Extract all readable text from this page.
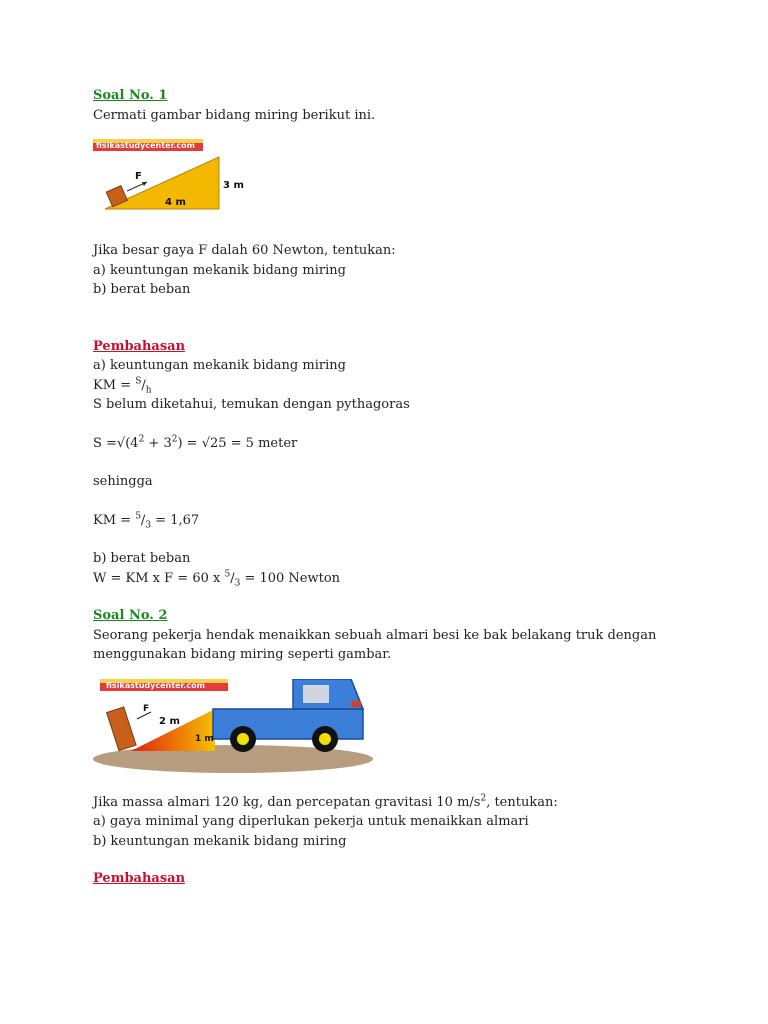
Soal No. 1

Cermati gambar bidang miring berikut ini.

fisikastudycenter.com
F
4 m
3 m

Jika besar gaya F dalah 60 Newton, tentukan:

a) keuntungan mekanik bidang miring

b) berat beban

Pembahasan

a) keuntungan mekanik bidang miring

KM = $^S/_h$

S belum diketahui, temukan dengan pythagoras

$S =√(4^2 + 3^2) = √25 = 5$ meter

sehingga

KM = $^5/_3 = 1,67$

b) berat beban

W = KM x F = 60 x $^5/_3 = 100$ Newton

Soal No. 2

Seorang pekerja hendak menaikkan sebuah almari besi ke bak belakang truk dengan

menggunakan bidang miring seperti gambar.

fisikastudycenter.com
F
2 m
1 m

Jika massa almari 120 kg, dan percepatan gravitasi 10 $m/s^2$, tentukan:

a) gaya minimal yang diperlukan pekerja untuk menaikkan almari

b) keuntungan mekanik bidang miring

Pembahasan
